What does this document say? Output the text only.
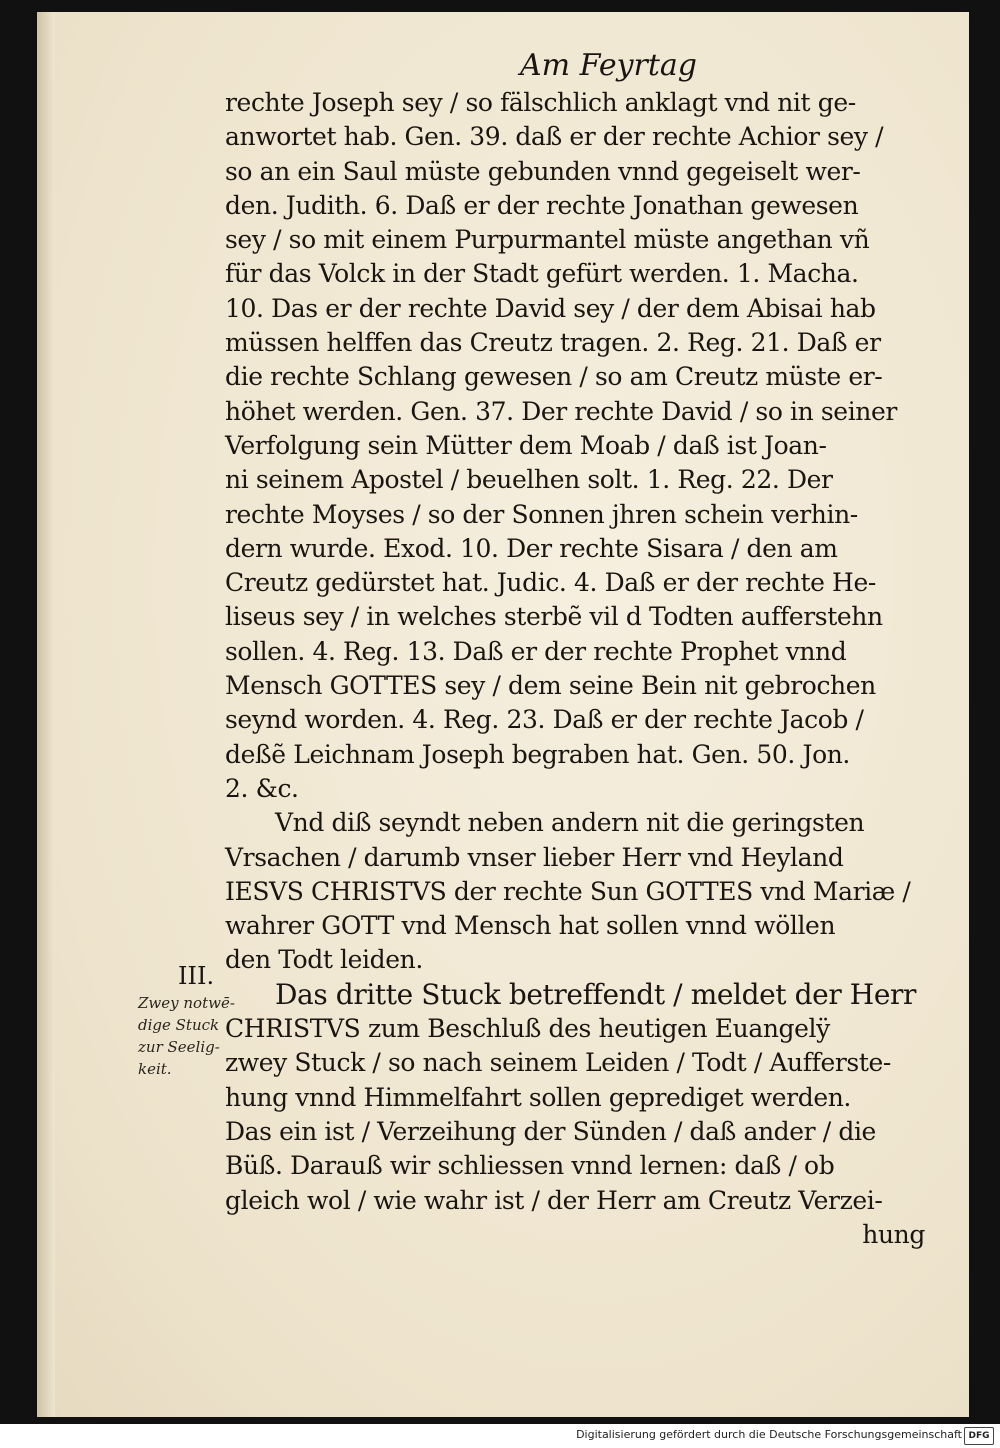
Am Feyrtag
rechte Joseph sey / so fälschlich anklagt vnd nit ge-
anwortet hab. Gen. 39. daß er der rechte Achior sey /
so an ein Saul müste gebunden vnnd gegeiselt wer-
den. Judith. 6. Daß er der rechte Jonathan gewesen
sey / so mit einem Purpurmantel müste angethan vñ
für das Volck in der Stadt gefürt werden. 1. Macha.
10. Das er der rechte David sey / der dem Abisai hab
müssen helffen das Creutz tragen. 2. Reg. 21. Daß er
die rechte Schlang gewesen / so am Creutz müste er-
höhet werden. Gen. 37. Der rechte David / so in seiner
Verfolgung sein Mütter dem Moab / daß ist Joan-
ni seinem Apostel / beuelhen solt. 1. Reg. 22. Der
rechte Moyses / so der Sonnen jhren schein verhin-
dern wurde. Exod. 10. Der rechte Sisara / den am
Creutz gedürstet hat. Judic. 4. Daß er der rechte He-
liseus sey / in welches sterbẽ vil d Todten aufferstehn
sollen. 4. Reg. 13. Daß er der rechte Prophet vnnd
Mensch GOTTES sey / dem seine Bein nit gebrochen
seynd worden. 4. Reg. 23. Daß er der rechte Jacob /
deßẽ Leichnam Joseph begraben hat. Gen. 50. Jon.
2. &c.
Vnd diß seyndt neben andern nit die geringsten
Vrsachen / darumb vnser lieber Herr vnd Heyland
IESVS CHRISTVS der rechte Sun GOTTES vnd Mariæ /
wahrer GOTT vnd Mensch hat sollen vnnd wöllen
den Todt leiden.
Das dritte Stuck betreffendt / meldet der Herr
CHRISTVS zum Beschluß des heutigen Euangelÿ
zwey Stuck / so nach seinem Leiden / Todt / Aufferste-
hung vnnd Himmelfahrt sollen geprediget werden.
Das ein ist / Verzeihung der Sünden / daß ander / die
Büß. Darauß wir schliessen vnnd lernen: daß / ob
gleich wol / wie wahr ist / der Herr am Creutz Verzei-
hung
III.
Zwey notwē-
dige Stuck
zur Seelig-
keit.
Digitalisierung gefördert durch die Deutsche Forschungsgemeinschaft DFG
